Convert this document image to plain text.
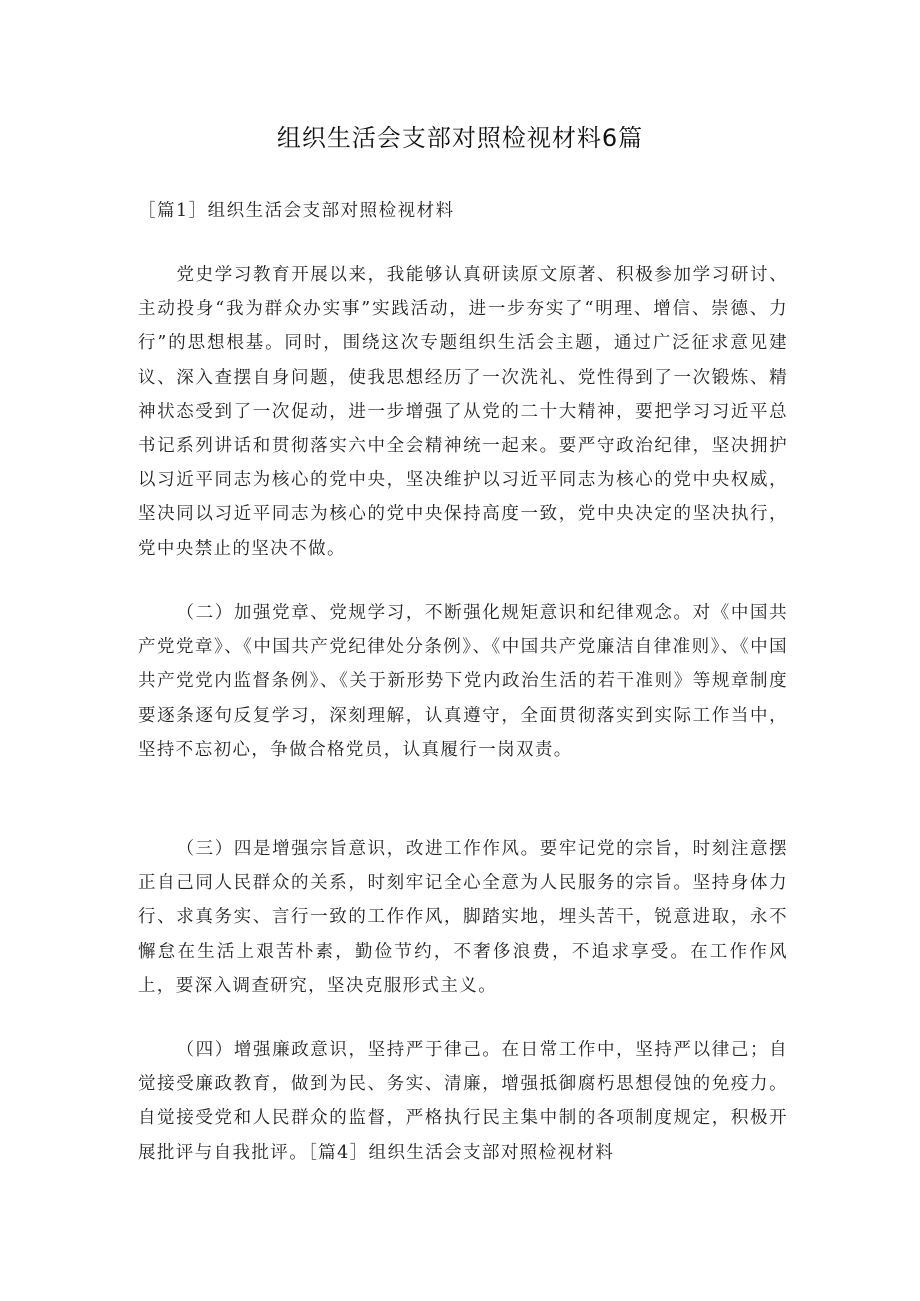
组织生活会支部对照检视材料6篇
［篇1］组织生活会支部对照检视材料

党史学习教育开展以来，我能够认真研读原文原著、积极参加学习研讨、主动投身“我为群众办实事”实践活动，进一步夯实了“明理、增信、崇德、力行”的思想根基。同时，围绕这次专题组织生活会主题，通过广泛征求意见建议、深入查摆自身问题，使我思想经历了一次洗礼、党性得到了一次锻炼、精神状态受到了一次促动，进一步增强了从党的二十大精神，要把学习习近平总书记系列讲话和贯彻落实六中全会精神统一起来。要严守政治纪律，坚决拥护以习近平同志为核心的党中央，坚决维护以习近平同志为核心的党中央权威，坚决同以习近平同志为核心的党中央保持高度一致，党中央决定的坚决执行，党中央禁止的坚决不做。

（二）加强党章、党规学习，不断强化规矩意识和纪律观念。对《中国共产党党章》、《中国共产党纪律处分条例》、《中国共产党廉洁自律准则》、《中国共产党党内监督条例》、《关于新形势下党内政治生活的若干准则》等规章制度要逐条逐句反复学习，深刻理解，认真遵守，全面贯彻落实到实际工作当中，坚持不忘初心，争做合格党员，认真履行一岗双责。

（三）四是增强宗旨意识，改进工作作风。要牢记党的宗旨，时刻注意摆正自己同人民群众的关系，时刻牢记全心全意为人民服务的宗旨。坚持身体力行、求真务实、言行一致的工作作风，脚踏实地，埋头苦干，锐意进取，永不懈怠在生活上艰苦朴素，勤俭节约，不奢侈浪费，不追求享受。在工作作风上，要深入调查研究，坚决克服形式主义。

（四）增强廉政意识，坚持严于律己。在日常工作中，坚持严以律己；自觉接受廉政教育，做到为民、务实、清廉，增强抵御腐朽思想侵蚀的免疫力。自觉接受党和人民群众的监督，严格执行民主集中制的各项制度规定，积极开展批评与自我批评。［篇4］组织生活会支部对照检视材料
